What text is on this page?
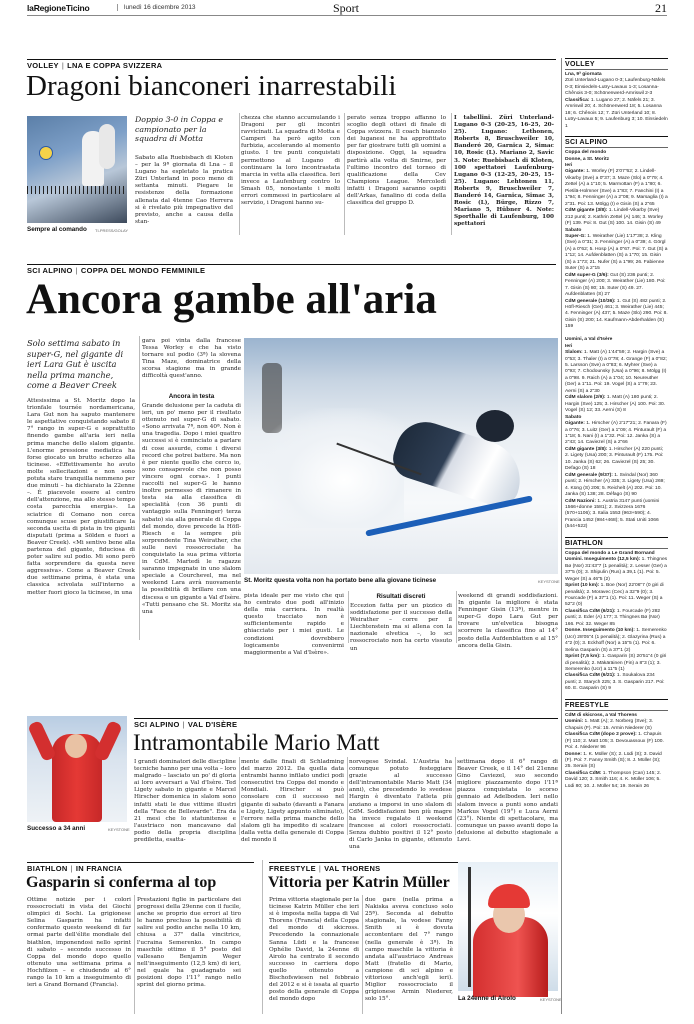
laRegioneTicino	lunedì 16 dicembre 2013	Sport	21
VOLLEY | LNA E COPPA SVIZZERA
Dragoni bianconeri inarrestabili
Sempre al comando TI-PRESS/GOLAY
Doppio 3-0 in Coppa e campionato per la squadra di Motta
Sabato alla Ruebisbach di Kloten – per la 9ª giornata di Lna – il Lugano ha espletato la pratica Züri Unterland in poco meno di settanta minuti. Piegare le resistenze della formazione allenata dal 4tenne Cao Herrera si è rivelato più impegnativo del previsto, anche a causa della stan-
chezza che stanno accumulando i Dragoni per gli incontri ravvicinati. La squadra di Motta e Camperi ha però agito con furbizia, accelerando al momento giusto. I tre punti conquistati permettono al Lugano di continuare la loro incontrastata marcia in vetta alla classifica. Ieri invece a Laufenburg contro lo Smash 05, nonostante i molti errori commessi in particolare al servizio, i Dragoni hanno su-
perato senza troppo affanno lo scoglio degli ottavi di finale di Coppa svizzera. Il coach bianzolo dei luganesi ne ha approfittato per far giostrare tutti gli uomini a disposizione. Oggi, la squadra partirà alla volta di Smirne, per l'ultimo incontro del torneo di qualificazione della Cev Champions League. Mercoledì infatti i Dragoni saranno ospiti dell'Arkas, fanalino di coda della classifica del gruppo D.
I tabellini. Züri Unterland-Lugano 0-3 (20-25, 16-25, 20-25). Lugano: Lethonen, Roberts 8, Bruschweiler 10, Banderó 20, Garnica 2, Simac 10, Rosic (L). Mariano 2, Savic 3. Note: Ruebisbach di Kloten, 100 spettatori Laufenburg-Lugano 0-3 (12-25, 20-25, 15-25). Lugano: Lehtonen 11, Roberts 9, Bruschweiler 7, Banderó 14, Garnica, Simac 3, Rosic (L), Bürge, Rizzo 7, Mariano 5, Hübner 4. Note: Sporthalle di Laufenburg, 100 spettatori
SCI ALPINO | COPPA DEL MONDO FEMMINILE
Ancora gambe all'aria
Solo settima sabato in super-G, nel gigante di ieri Lara Gut è uscita nella prima manche, come a Beaver Creek
Attesissima a St. Moritz dopo la trionfale tournée nordamericana, Lara Gut non ha saputo mantenere le aspettative conquistando sabato il 7° rango in super-G e soprattutto finendo gambe all'aria ieri nella prima manche dello slalom gigante. L'enorme pressione mediatica ha forse giocato un brutto scherzo alla ticinese. «Effettivamente ho avuto molte sollecitazioni e non sono potuta stare tranquilla nemmeno per due minuti – ha dichiarato la 22enne –. È piacevole essere al centro dell'attenzione, ma allo stesso tempo costa parecchia energia». La sciatrice di Comano non cerca comunque scuse per giustificare la seconda uscita di pista in tre giganti disputati (prima a Sölden e fuori a Beaver Creek). «Mi sentivo bene alla partenza del gigante, fiduciosa di poter salire sul podio. Mi sono però fatta sorprendere da questa neve aggressiva». Come a Beaver Creek due settimane prima, è stata una classica scivolata sull'interno a metter fuori gioco la ticinese, in una
gara poi vinta dalla francese Tessa Worley e che ha visto tornare sul podio (3ª) la slovena Tina Maze, dominatrice della scorsa stagione ma in grande difficoltà quest'anno.
Ancora in testa
Grande delusione per la caduta di ieri, un po' meno per il risultato ottenuto nel super-G di sabato. «Sono arrivata 7ª, non 40ª. Non è una tragedia. Dopo i miei quattro successi si è cominciato a parlare di cose assurde, come i diversi record che potrei battere. Ma non è per niente quello che cerco io, sono consapevole che non posso vincere ogni corsa». I punti raccolti nel super-G le hanno inoltre permesso di rimanere in testa sia alla classifica di specialità (con 36 punti di vantaggio sulla Fenninger) terza sabato) sia alla generale di Coppa del mondo, dove precede la Höfl-Riesch e la sempre più sorprendente Tina Weirather, che sulle nevi rossocrociate ha conquistato la sua prima vittoria in CdM. Martedì le ragazze saranno impegnate in uno slalom speciale a Courchevel, ma nel weekend Lara avrà nuovamente la possibilità di brillare con una discesa e un gigante a Val d'Isère. «Tutti pensano che St. Moritz sia una
St. Moritz questa volta non ha portato bene alla giovane ticinese	KEYSTONE
pista ideale per me visto che qui ho centrato due podi all'inizio della mia carriera. In realtà questo tracciato non è sufficientemente rapido e ghiacciato per i miei gusti. Le condizioni dovrebbero logicamente convenirmi maggiormente a Val d'Isère».
Risultati discreti
Eccezion fatta per un pizzico di soddisfazione per il successo della Weirather – corre per il Liechtenstein ma si allena con la nazionale elvetica –, lo sci rossocrociato non ha certo vissuto un
weekend di grandi soddisfazioni. In gigante la migliore è stata Fenninger Gisin (13ª), mentre in super-G dopo Lara Gut per trovare un'elvetica bisogna scorrere la classifica fino al 14° posto della Aufdenblatten e al 15° ancora della Gisin.
Successo a 34 anni	KEYSTONE
SCI ALPINO | VAL D'ISÈRE
Intramontabile Mario Matt
I grandi dominatori delle discipline tecniche hanno per una volta – loro malgrado – lasciato un po' di gloria ai loro avversari a Val d'Isère. Ted Ligety sabato in gigante e Marcel Hirscher domenica in slalom sono infatti stati le due vittime illustri della "Face de Bellevarde". Era da 21 mesi che lo statunitense e l'austriaco non mancavano dal podio della propria disciplina prediletta, esatta-
mente dalle finali di Schladming del marzo 2012. Da quella data entrambi hanno infilato undici podi consecutivi tra Coppa del mondo e Mondiali. Hirscher si può consolare con il successo nel gigante di sabato (davanti a Fanara e Ligety, Ligety appunto eliminato), l'errore nella prima manche dello slalom gli ha impedito di scalzare dalla vetta della generale di Coppa del mondo il
norvegese Svindal. L'Austria ha comunque potuto festeggiare grazie al successo dell'intramontabile Mario Matt (34 anni), che precedendo lo svedese Hargin è diventato l'atleta più anziano a imporsi in uno slalom di CdM. Soddisfazioni ben più magre ha invece regalato il weekend francese ai colori rossocrociati. Senza dubbio positivi il 12° posto di Carlo Janka in gigante, ottenuto una
settimana dopo il 6° rango di Beaver Creek, e il 14° del 21enne Gino Caviezel, suo secondo migliore piazzamento dopo l'11ª piazza conquistata lo scorso gennaio ad Adelboden. Ieri nello slalom invece a punti sono andati Markus Vogel (19°) e Luca Aerni (23°). Niente di spettacolare, ma comunque un passo avanti dopo la delusione al debutto stagionale a Levi.
BIATHLON | IN FRANCIA
Gasparin si conferma al top
Ottime notizie per i colori rossocrociati in vista dei Giochi olimpici di Sochi. La grigionese Selina Gasparin ha infatti confermato questo weekend di far ormai parte dell'élite mondiale del biathlon, imponendosi nello sprint di sabato – secondo successo in Coppa del mondo dopo quello ottenuto una settimana prima a Hochfilzen – e chiudendo al 6° rango la 10 km a inseguimento di ieri a Grand Bornand (Francia).
Prestazioni figlie in particolare dei progressi della 29enne con il fucile, anche se proprio due errori al tiro le hanno precluso la possibilità di salire sul podio anche nella 10 km, chiusa a 37" dalla vincitrice, l'ucraina Semerenko. In campo maschile ottimo il 5° posto del vallesano Benjamin Weger nell'inseguimento (12,5 km) di ieri, nel quale ha guadagnato sei posizioni dopo l'11° rango nello sprint del giorno prima.
FREESTYLE | VAL THORENS
Vittoria per Katrin Müller
Prima vittoria stagionale per la ticinese Katrin Müller che ieri si è imposta nella tappa di Val Thorens (Francia) della Coppa del mondo di skicross. Precedendo la connazionale Sanna Lüdi e la francese Ophélie David, la 24enne di Airolo ha centrato il secondo successo in carriera dopo quello ottenuto a Bischofswiesen nel febbraio del 2012 e si è issata al quarto posto della generale di Coppa del mondo dopo
due gare (nella prima a Nakiska aveva concluso solo 25ª). Seconda al debutto stagionale, la vodese Fanny Smith si è dovuta accontentare del 7° rango (nella generale è 3ª). In campo maschile la vittoria è andata all'austriaco Andreas Matt (fratello di Mario, campione di sci alpino e vittorioso anch'egli ieri). Miglior rossocrociato il grigionese Armin Niederer, solo 15°.	La 24enne di Airolo	KEYSTONE
VOLLEY
Lna, 9ª giornata
Züri Unterland-Lugano 0-3; Laufenburg-Näfels 0-3; Einsiedeln-Lutry-Lavaux 1-3; Losanna-Chênois 3-0; Schönenwerd-Amriswil 2-3
Classifica: 1. Lugano 27; 2. Näfels 21; 3. Amriswil 20; 4. Schönenwerd 18; 5. Losanna 18; 6. Chênois 12; 7. Züri Unterland 10; 8. Lutry-Lavaux 5; 9. Laufenburg 3; 10. Einsiedeln 1
SCI ALPINO
Coppa del mondo
Donne, a St. Moritz
Ieri
Gigante: 1. Worley (F) 2'07"62; 2. Lindell-Vikarby (Sve) a 0"37; 3. Maze (Slo) a 0"79; 4. Zettel (A) a 1"10; 5. Marmottan (F) a 1"80; 6. Pietilä-Holmner (Sve) a 1"83; 7. Fanchini (I) a 1"94; 8. Fenninger (A) a 2"08; 9. Marsaglia (I) a 2"31. Poi: 13. Mölgg (I) e Gisin (S) a 2"65
CdM gigante (3/8): 1. Lindell-Vikarby (Sve) 212 punti; 2. Kathrin Zettel (A) 146; 3. Worley (F) 139. Poi: 8. Gut (S) 100. 14. Gisin (S) 49
Sabato
Super-G: 1. Weirather (Lie) 1'17"38; 2. Kling (Sve) a 0"31; 3. Fenninger (A) a 0"39; 4. Görgl (A) a 0"62; 5. Hosp (A) a 0"67. Poi: 7. Gut (S) a 1"12; 14. Aufdenblatten (S) a 1"70; 15. Gisin (S) a 1"73; 21. Nufer (S) a 1"99; 26. Fabienne Suter (S) a 2"15
CdM super-G (3/6): Gut (S) 236 punti; 2. Fenninger (A) 200; 3. Weirather (Lie) 180. Poi: 7. Gisin (S) 80; 15. Suter (S) 49. 27. Aufdenblatten (S) 27
CdM generale (10/36): 1. Gut (S) 482 punti; 2. Höfl-Riesch (Ger) 461; 3. Weirather (Lie) 445; 4. Fenninger (A) 437; 5. Maze (Slo) 290. Poi: 8. Gisin (S) 200; 14. Kaufmann-Abderhalden (S) 159

Uomini, a Val d'Isère
Ieri
Slalom: 1. Matt (A) 1'44"59; 2. Hargin (Sve) a 0"53; 3. Thaler (I) a 0"78; 4. Grange (F) a 0"82; 5. Larsson (Sve) a 0"83; 6. Myhrer (Sve) a 0"93; 7. Chodounsky (Usa) a 0"96; 8. Mölgg (I) a 0"98. 9. Raich (A) a 1"04; 10. Neureuther (Ger) a 1"11. Poi: 19. Vogel (S) a 1"79; 23. Aerni (S) a 2"30
CdM slalom (2/9): 1. Matt (A) 180 punti; 2. Hargin (Sve) 125; 3. Hirscher (A) 100. Poi: 30. Vogel (S) 12; 33. Aerni (S) 8
Sabato
Gigante: 1. Hirscher (A) 2'17"21; 2. Fanara (F) a 0"76; 3. Luitz (Ger) a 1"09; 4. Pinturault (F) a 1"18; 5. Nani (I) a 1"32. Poi: 12. Janka (S) a 2"43; 14. Caviezel (S) a 2"66
CdM gigante (3/8): 1. Hirscher (A) 220 punti; 2. Ligety (Usa) 200; 3. Pinturault (F) 175. Poi: 10. Janka (S) 62; 26. Caviezel (S) 25; 30. Defago (S) 18
CdM generale (9/37): 1. Svindal (Nor) 360 punti; 2. Hirscher (A) 335; 3. Ligety (Usa) 269; 4. Küng (S) 206; 5. Reichelt (A) 202. Poi: 10. Janka (S) 138; 28. Défago (S) 90
CdM Nazioni: 1. Austria 3147 punti (uomini 1566+donne 1581); 2. Svizzera 1676 (570+1106); 3. Italia 1553 (963+590); 4. Francia 1452 (984+468); 5. Stati Uniti 1066 (544+522)
BIATHLON
Coppa del mondo a Le Grand Bornand
Uomini. Inseguimento (12,5 km): 1. Thingnes Bø (Nor) 31'43"7 (1 penalità); 2. Lesser (Ger) a 37"5 (0); 3. Shipulin (Rus) a 39,1 (1). Poi: 5. Weger (S) a 46"5 (2)
Sprint (10 km): 1. Boe (Nor) 22'06"7 (0 giri di penalità); 2. Moravec (Cec) a 32"9 (0); 3. Fourcade (F) a 37"1 (1). Poi: 11. Weger (S) a 52"2 (0)
Classifica CdM (6/21): 1. Fourcade (F) 282 punti; 2. Eder (A) 177; 3. Thingnes Bø (Nor) 166. Poi: 32. Weger 85
Donne. Inseguimento (10 km): 1. Semerenko (Ucr) 28'05"4 (1 penalità); 2. Glazyrina (Rus) a 4"2 (0); 3. Eckhoff (Nor) a 15"5 (1). Poi: 6. Selina Gasparin (S) a 37"1 (2)
Sprint (7,5 km): 1. Gasparin (S) 20'51"4 (0 giri di penalità); 2. Mäkäräinen (Fin) a 8"3 (1); 3. Semerenko (Ucr) a 11"5 (1)
Classifica CdM (6/21): 1. Soukalova 234 punti; 2. Starych 225; 3. S. Gasparin 217. Poi: 60. E. Gasparin (S) 9
FREESTYLE
CdM di skicross, a Val Thorens
Uomini: 1. Matt (A); 2. Norberg (Sve); 3. Chapuis (F). Poi: 15. Armin Niederer (S)
Classifica CdM (dopo 2 prove): 1. Chapuis (F) 110; 2. Matt 105; 3. Devouassoux (F) 100. Poi: 4. Niederer 96
Donne: 1. K. Müller (S); 2. Lüdi (S); 3. David (F). Poi: 7. Fanny Smith (S); 8. J. Müller (S); 25. Serain (S)
Classifica CdM: 1. Thompson (Can) 145; 2. David 120; 3. Smith 116; 4. K. Müller 106; 5. Lüdi 80; 10. J. Müller 54; 19. Serain 26
